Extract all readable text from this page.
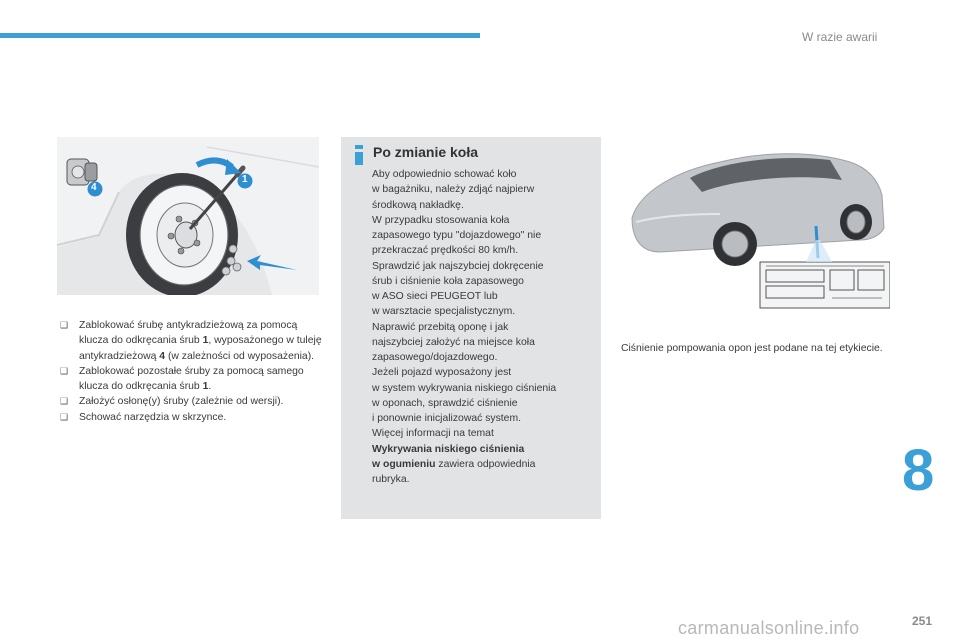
W razie awarii
4
1
❑ Zablokować śrubę antykradzieżową za pomocą klucza do odkręcania śrub 1, wyposażonego w tuleję antykradzieżową 4 (w zależności od wyposażenia).
❑ Zablokować pozostałe śruby za pomocą samego klucza do odkręcania śrub 1.
❑ Założyć osłonę(y) śruby (zależnie od wersji).
❑ Schować narzędzia w skrzynce.
Po zmianie koła

Aby odpowiednio schować koło

w bagażniku, należy zdjąć najpierw

środkową nakładkę.

W przypadku stosowania koła

zapasowego typu "dojazdowego" nie

przekraczać prędkości 80 km/h.

Sprawdzić jak najszybciej dokręcenie

śrub i ciśnienie koła zapasowego

w ASO sieci PEUGEOT lub

w warsztacie specjalistycznym.

Naprawić przebitą oponę i jak

najszybciej założyć na miejsce koła

zapasowego/dojazdowego.

Jeżeli pojazd wyposażony jest

w system wykrywania niskiego ciśnienia

w oponach, sprawdzić ciśnienie

i ponownie inicjalizować system.

Więcej informacji na temat

Wykrywania niskiego ciśnienia

w ogumieniu zawiera odpowiednia

rubryka.

Ciśnienie pompowania opon jest podane na tej etykiecie.
8
carmanualsonline.info	251
